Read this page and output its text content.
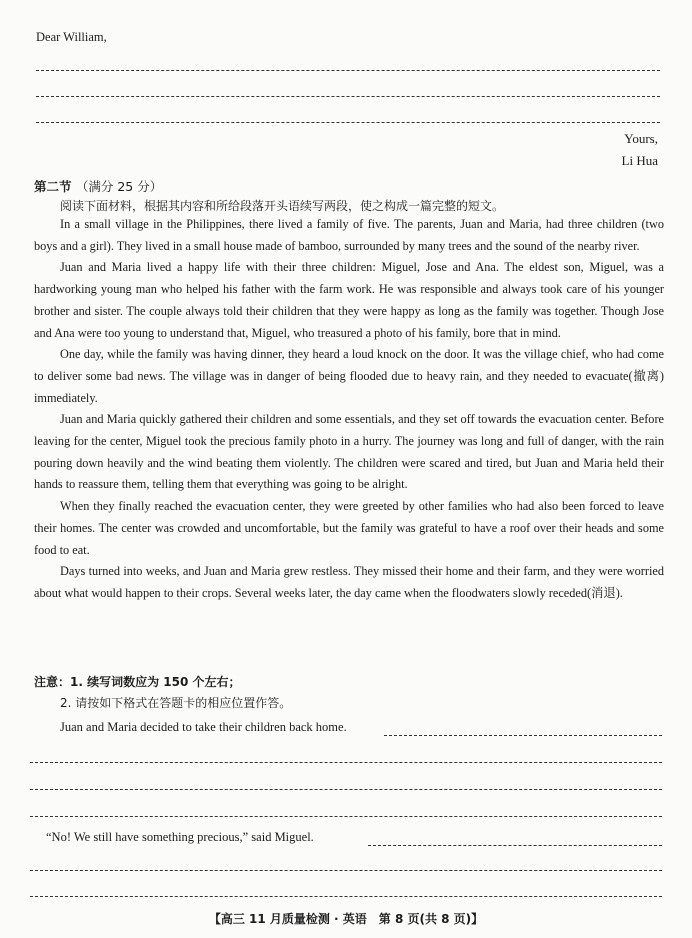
Dear William,
Yours,
Li Hua
第二节 （满分 25 分）
阅读下面材料，根据其内容和所给段落开头语续写两段，使之构成一篇完整的短文。

In a small village in the Philippines, there lived a family of five. The parents, Juan and Maria, had three children (two boys and a girl). They lived in a small house made of bamboo, surrounded by many trees and the sound of the nearby river.

Juan and Maria lived a happy life with their three children: Miguel, Jose and Ana. The eldest son, Miguel, was a hardworking young man who helped his father with the farm work. He was responsible and always took care of his younger brother and sister. The couple always told their children that they were happy as long as the family was together. Though Jose and Ana were too young to understand that, Miguel, who treasured a photo of his family, bore that in mind.

One day, while the family was having dinner, they heard a loud knock on the door. It was the village chief, who had come to deliver some bad news. The village was in danger of being flooded due to heavy rain, and they needed to evacuate(撤离) immediately.

Juan and Maria quickly gathered their children and some essentials, and they set off towards the evacuation center. Before leaving for the center, Miguel took the precious family photo in a hurry. The journey was long and full of danger, with the rain pouring down heavily and the wind beating them violently. The children were scared and tired, but Juan and Maria held their hands to reassure them, telling them that everything was going to be alright.

When they finally reached the evacuation center, they were greeted by other families who had also been forced to leave their homes. The center was crowded and uncomfortable, but the family was grateful to have a roof over their heads and some food to eat.

Days turned into weeks, and Juan and Maria grew restless. They missed their home and their farm, and they were worried about what would happen to their crops. Several weeks later, the day came when the floodwaters slowly receded(消退).

注意：1. 续写词数应为 150 个左右；
2. 请按如下格式在答题卡的相应位置作答。
Juan and Maria decided to take their children back home.
“No! We still have something precious,” said Miguel.
【高三 11 月质量检测 · 英语　第 8 页(共 8 页)】
